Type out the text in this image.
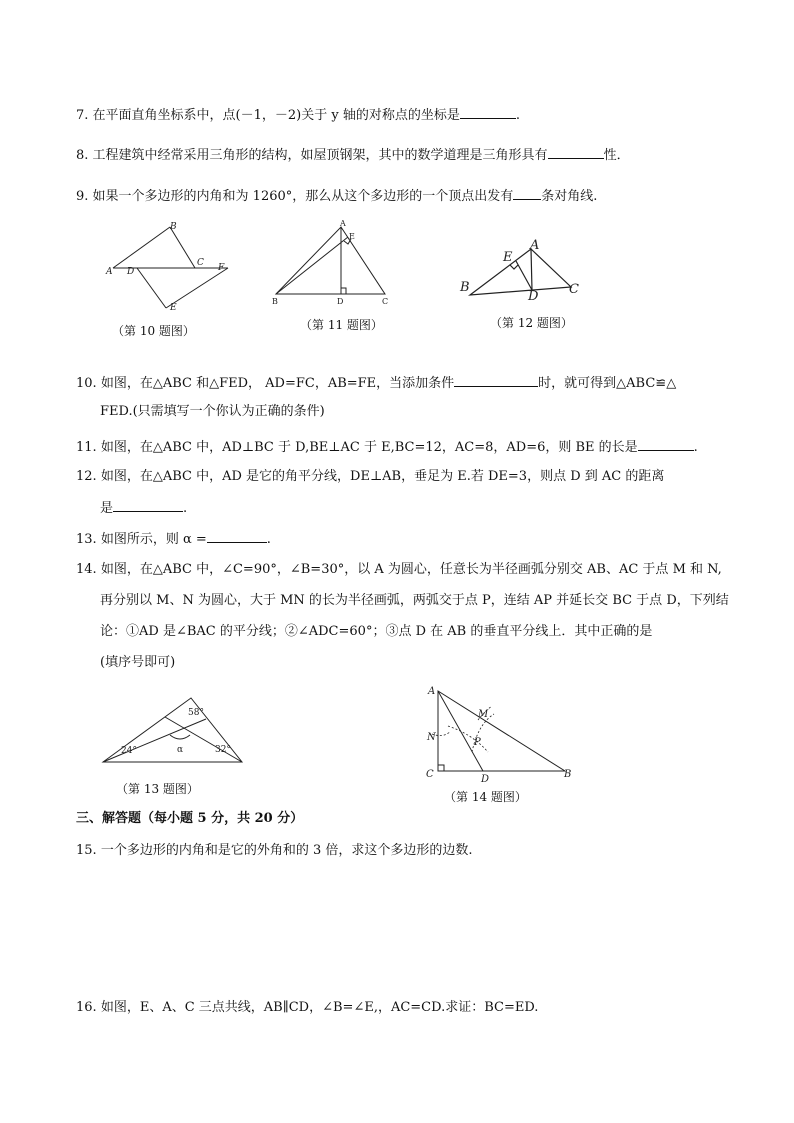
7. 在平面直角坐标系中，点(－1，－2)关于 y 轴的对称点的坐标是	.
8. 工程建筑中经常采用三角形的结构，如屋顶钢架，其中的数学道理是三角形具有	性．
9. 如果一个多边形的内角和为 1260°，那么从这个多边形的一个顶点出发有 条对角线.
A
B
C
D
E
F
（第 10 题图）
A
B	C
D
E
（第 11 题图）
A
B	C
D
E
（第 12 题图）
10. 如图，在△ABC 和△FED， AD=FC，AB=FE，当添加条件	时，就可得到△ABC≌△
FED.(只需填写一个你认为正确的条件)
11. 如图，在△ABC 中，AD⊥BC 于 D,BE⊥AC 于 E,BC=12，AC=8，AD=6，则 BE 的长是	.
12. 如图，在△ABC 中，AD 是它的角平分线，DE⊥AB，垂足为 E.若 DE=3，则点 D 到 AC 的距离
是	.
13. 如图所示，则 α =	.
14. 如图，在△ABC 中，∠C=90°，∠B=30°，以 A 为圆心，任意长为半径画弧分别交 AB、AC 于点 M 和 N,
再分别以 M、N 为圆心，大于 MN 的长为半径画弧，两弧交于点 P，连结 AP 并延长交 BC 于点 D，下列结
论：①AD 是∠BAC 的平分线；②∠ADC=60°；③点 D 在 AB 的垂直平分线上．其中正确的是
(填序号即可)
58°
24°	32°
α
（第 13 题图）
A
B
C	D
M
N	P
（第 14 题图）
三、解答题（每小题 5 分，共 20 分）
15. 一个多边形的内角和是它的外角和的 3 倍，求这个多边形的边数.
16. 如图，E、A、C 三点共线，AB∥CD，∠B=∠E,，AC=CD.求证：BC=ED.
